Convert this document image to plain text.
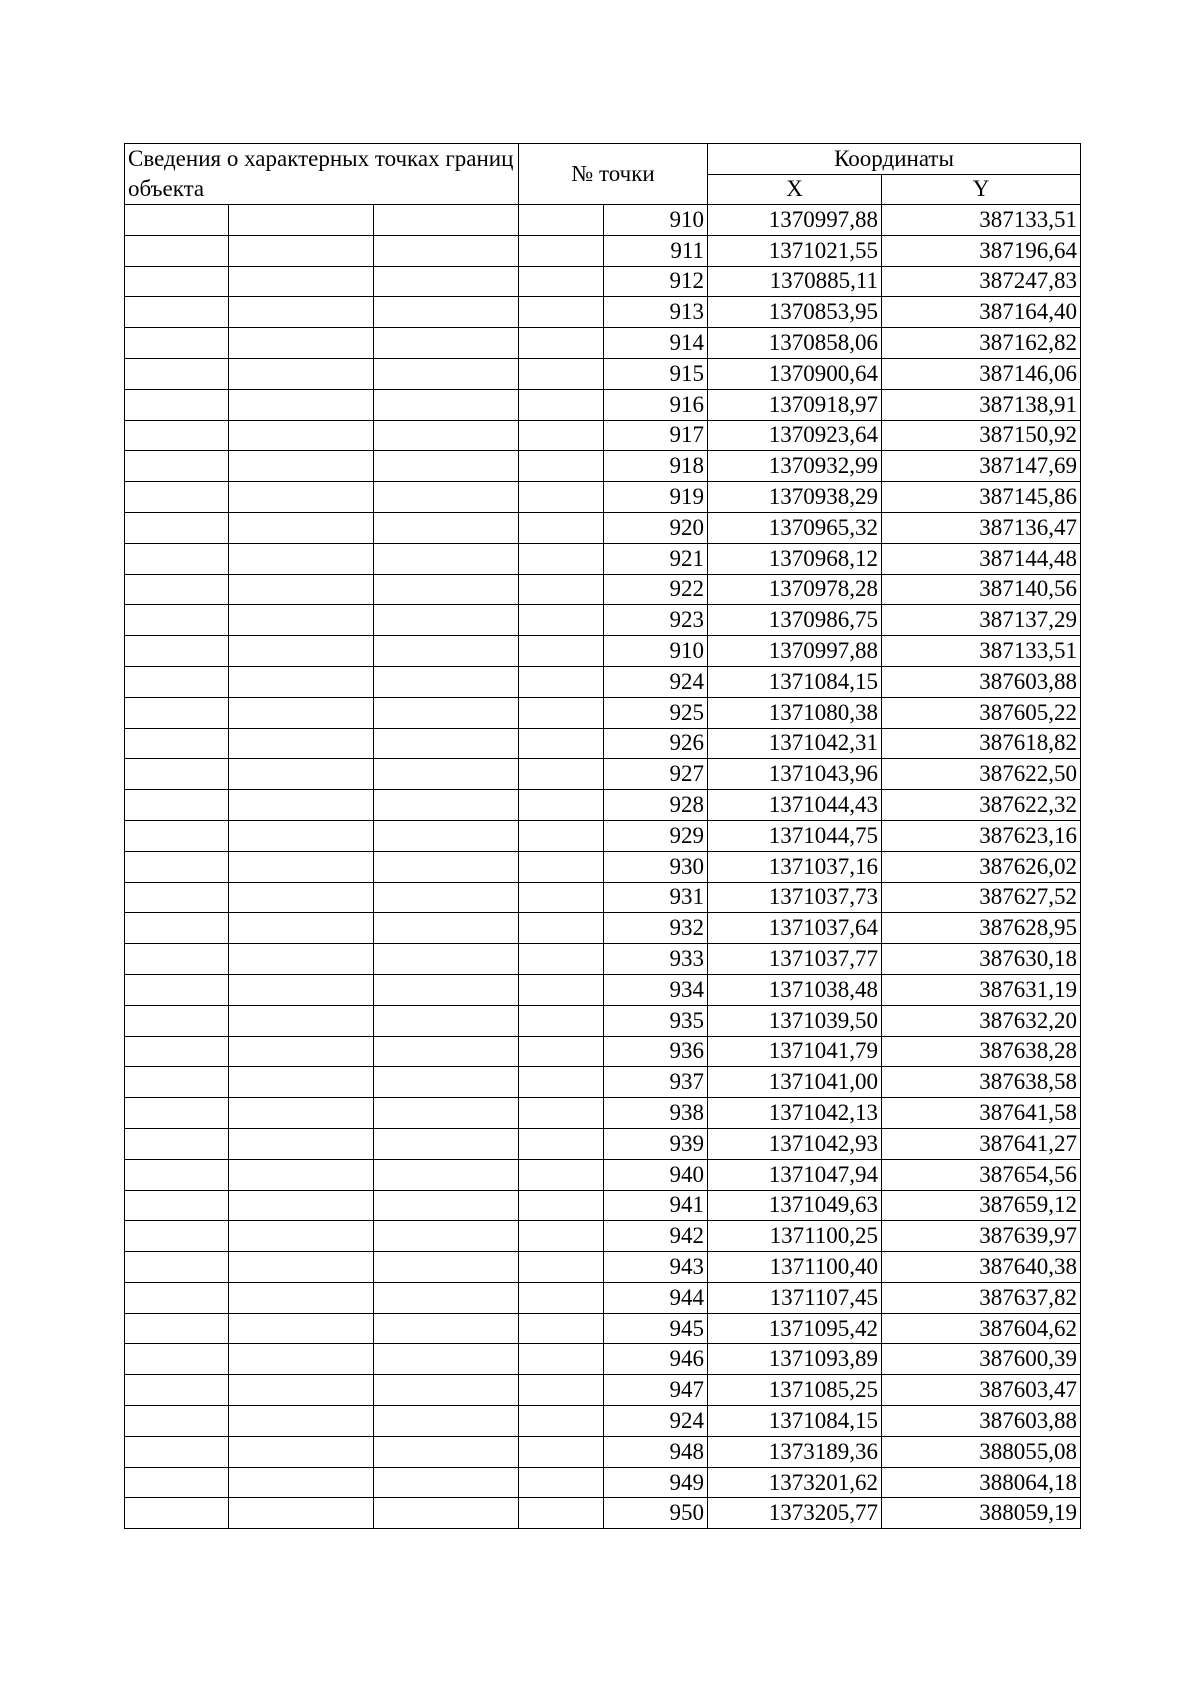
Сведения о характерных точках границ объекта			№ точки		Координаты	
					X	Y
				910	1370997,88	387133,51
				911	1371021,55	387196,64
				912	1370885,11	387247,83
				913	1370853,95	387164,40
				914	1370858,06	387162,82
				915	1370900,64	387146,06
				916	1370918,97	387138,91
				917	1370923,64	387150,92
				918	1370932,99	387147,69
				919	1370938,29	387145,86
				920	1370965,32	387136,47
				921	1370968,12	387144,48
				922	1370978,28	387140,56
				923	1370986,75	387137,29
				910	1370997,88	387133,51
				924	1371084,15	387603,88
				925	1371080,38	387605,22
				926	1371042,31	387618,82
				927	1371043,96	387622,50
				928	1371044,43	387622,32
				929	1371044,75	387623,16
				930	1371037,16	387626,02
				931	1371037,73	387627,52
				932	1371037,64	387628,95
				933	1371037,77	387630,18
				934	1371038,48	387631,19
				935	1371039,50	387632,20
				936	1371041,79	387638,28
				937	1371041,00	387638,58
				938	1371042,13	387641,58
				939	1371042,93	387641,27
				940	1371047,94	387654,56
				941	1371049,63	387659,12
				942	1371100,25	387639,97
				943	1371100,40	387640,38
				944	1371107,45	387637,82
				945	1371095,42	387604,62
				946	1371093,89	387600,39
				947	1371085,25	387603,47
				924	1371084,15	387603,88
				948	1373189,36	388055,08
				949	1373201,62	388064,18
				950	1373205,77	388059,19
